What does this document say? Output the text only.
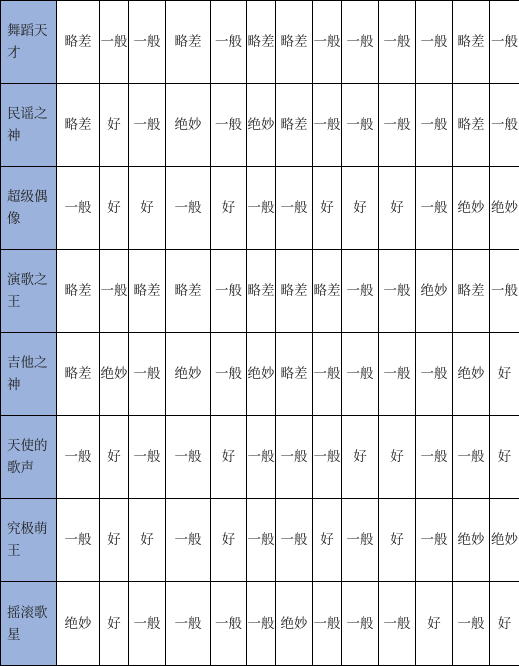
舞蹈天才	略差	一般	一般	略差	一般	略差	略差	一般	一般	一般	一般	略差	一般
民谣之神	略差	好	一般	绝妙	一般	绝妙	略差	一般	一般	一般	一般	略差	一般
超级偶像	一般	好	好	一般	好	一般	一般	好	好	好	一般	绝妙	绝妙
演歌之王	略差	一般	略差	略差	一般	略差	略差	略差	一般	一般	绝妙	略差	一般
吉他之神	略差	绝妙	一般	绝妙	一般	绝妙	略差	一般	一般	一般	一般	绝妙	好
天使的歌声	一般	好	一般	一般	好	一般	一般	一般	好	好	一般	一般	好
究极萌王	一般	好	好	一般	好	一般	一般	好	一般	好	一般	绝妙	绝妙
摇滚歌星	绝妙	好	一般	一般	一般	一般	绝妙	一般	一般	一般	好	一般	好
